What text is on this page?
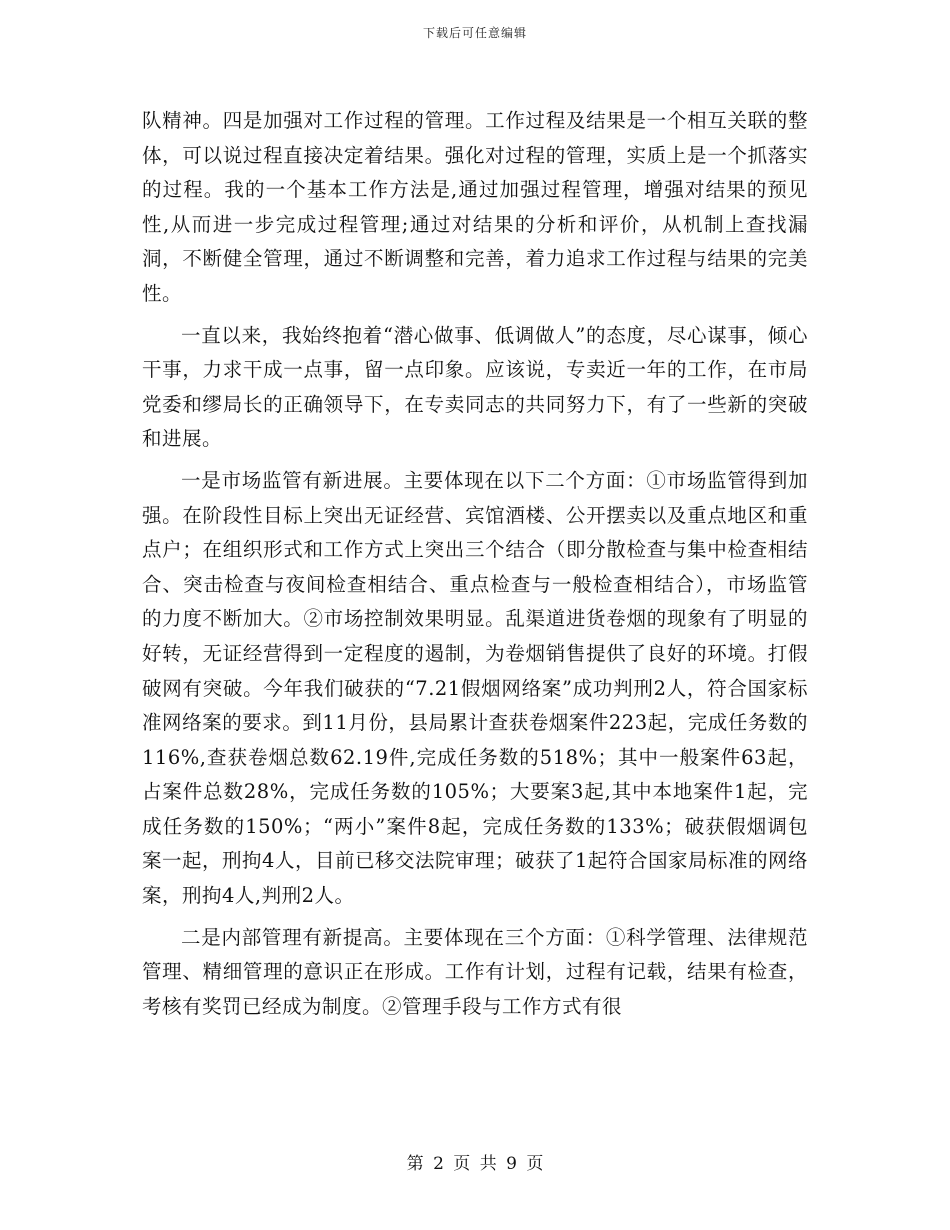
下载后可任意编辑

队精神。四是加强对工作过程的管理。工作过程及结果是一个相互关联的整体，可以说过程直接决定着结果。强化对过程的管理，实质上是一个抓落实的过程。我的一个基本工作方法是,通过加强过程管理，增强对结果的预见性,从而进一步完成过程管理;通过对结果的分析和评价，从机制上查找漏洞，不断健全管理，通过不断调整和完善，着力追求工作过程与结果的完美性。

一直以来，我始终抱着“潜心做事、低调做人”的态度，尽心谋事，倾心干事，力求干成一点事，留一点印象。应该说，专卖近一年的工作，在市局党委和缪局长的正确领导下，在专卖同志的共同努力下，有了一些新的突破和进展。

一是市场监管有新进展。主要体现在以下二个方面：①市场监管得到加强。在阶段性目标上突出无证经营、宾馆酒楼、公开摆卖以及重点地区和重点户；在组织形式和工作方式上突出三个结合（即分散检查与集中检查相结合、突击检查与夜间检查相结合、重点检查与一般检查相结合），市场监管的力度不断加大。②市场控制效果明显。乱渠道进货卷烟的现象有了明显的好转，无证经营得到一定程度的遏制，为卷烟销售提供了良好的环境。打假破网有突破。今年我们破获的“7.21假烟网络案”成功判刑2人，符合国家标准网络案的要求。到11月份，县局累计查获卷烟案件223起，完成任务数的116%,查获卷烟总数62.19件,完成任务数的518%；其中一般案件63起，占案件总数28%，完成任务数的105%；大要案3起,其中本地案件1起，完成任务数的150%；“两小”案件8起，完成任务数的133%；破获假烟调包案一起，刑拘4人，目前已移交法院审理；破获了1起符合国家局标准的网络案，刑拘4人,判刑2人。

二是内部管理有新提高。主要体现在三个方面：①科学管理、法律规范管理、精细管理的意识正在形成。工作有计划，过程有记载，结果有检查，考核有奖罚已经成为制度。②管理手段与工作方式有很

第 2 页 共 9 页
